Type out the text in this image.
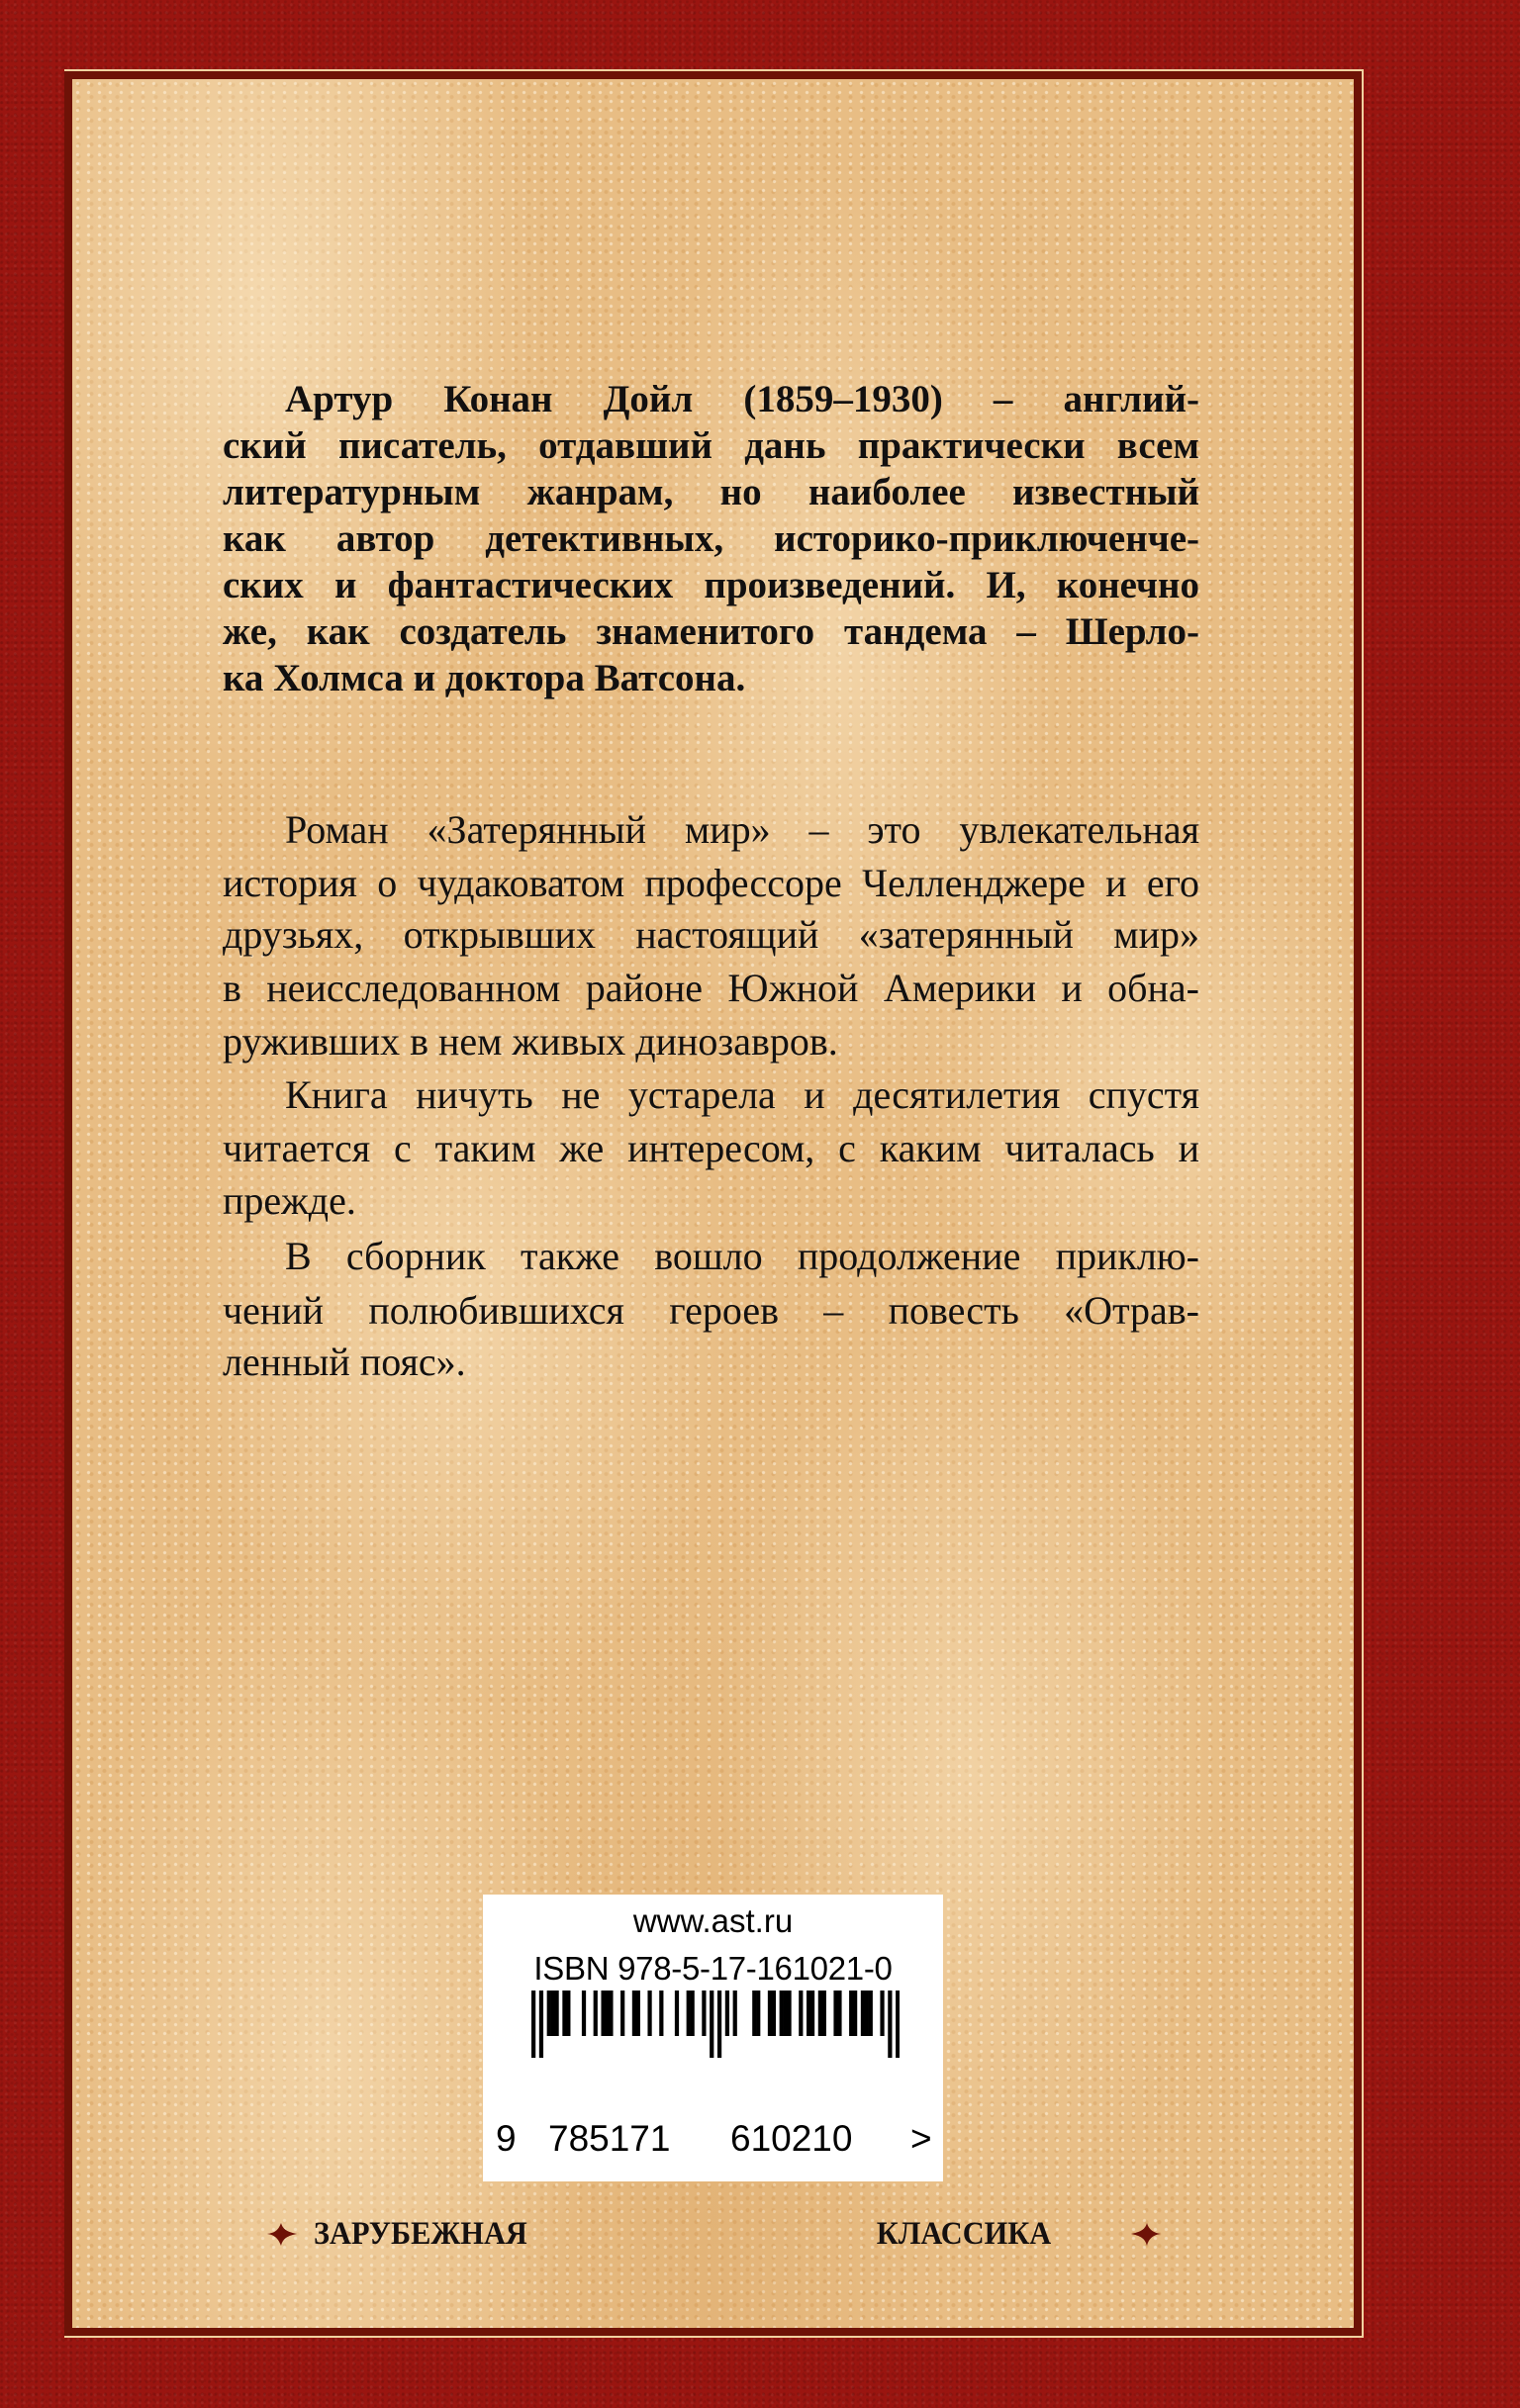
Артур Конан Дойл (1859–1930) – англий-
ский писатель, отдавший дань практически всем
литературным жанрам, но наиболее известный
как автор детективных, историко-приключенче-
ских и фантастических произведений. И, конечно
же, как создатель знаменитого тандема – Шерло-
ка Холмса и доктора Ватсона.
Роман «Затерянный мир» – это увлекательная
история о чудаковатом профессоре Челленджере и его
друзьях, открывших настоящий «затерянный мир»
в неисследованном районе Южной Америки и обна-
руживших в нем живых динозавров.
Книга ничуть не устарела и десятилетия спустя
читается с таким же интересом, с каким читалась и
прежде.
В сборник также вошло продолжение приклю-
чений полюбившихся героев – повесть «Отрав-
ленный пояс».
www.ast.ru
ISBN 978-5-17-161021-0
9 785171	610210	>
ЗАРУБЕЖНАЯ КЛАССИКА
